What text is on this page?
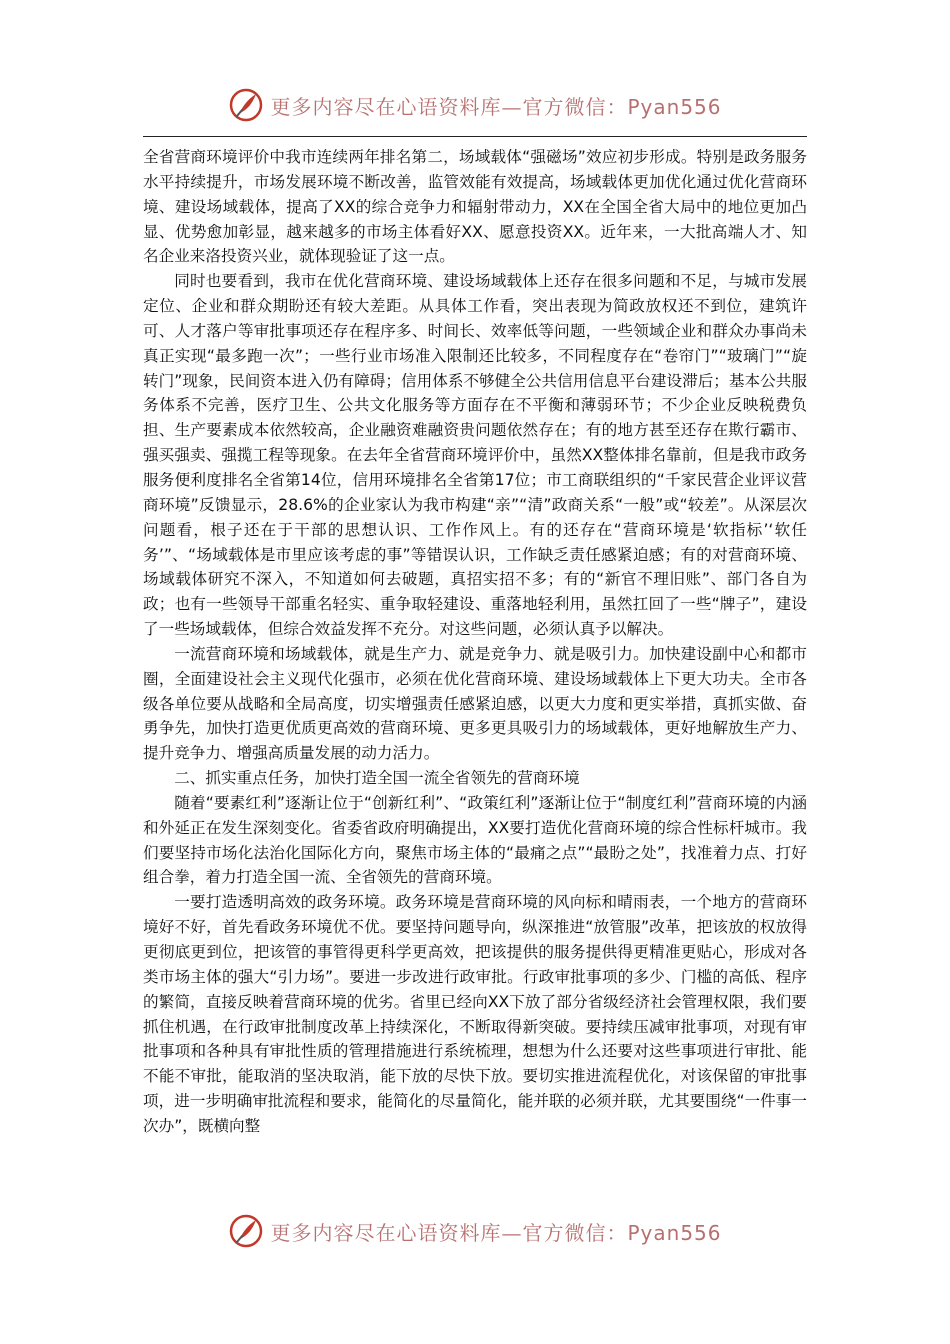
更多内容尽在心语资料库—官方微信：Pyan556

全省营商环境评价中我市连续两年排名第二，场域载体“强磁场”效应初步形成。特别是政务服务水平持续提升，市场发展环境不断改善，监管效能有效提高，场域载体更加优化通过优化营商环境、建设场域载体，提高了XX的综合竞争力和辐射带动力，XX在全国全省大局中的地位更加凸显、优势愈加彰显，越来越多的市场主体看好XX、愿意投资XX。近年来，一大批高端人才、知名企业来洛投资兴业，就体现验证了这一点。

同时也要看到，我市在优化营商环境、建设场域载体上还存在很多问题和不足，与城市发展定位、企业和群众期盼还有较大差距。从具体工作看，突出表现为简政放权还不到位，建筑许可、人才落户等审批事项还存在程序多、时间长、效率低等问题，一些领域企业和群众办事尚未真正实现“最多跑一次”；一些行业市场准入限制还比较多，不同程度存在“卷帘门”“玻璃门”“旋转门”现象，民间资本进入仍有障碍；信用体系不够健全公共信用信息平台建设滞后；基本公共服务体系不完善，医疗卫生、公共文化服务等方面存在不平衡和薄弱环节；不少企业反映税费负担、生产要素成本依然较高，企业融资难融资贵问题依然存在；有的地方甚至还存在欺行霸市、强买强卖、强揽工程等现象。在去年全省营商环境评价中，虽然XX整体排名靠前，但是我市政务服务便利度排名全省第14位，信用环境排名全省第17位；市工商联组织的“千家民营企业评议营商环境”反馈显示，28.6%的企业家认为我市构建“亲”“清”政商关系“一般”或“较差”。从深层次问题看，根子还在于干部的思想认识、工作作风上。有的还存在“营商环境是‘软指标’‘软任务’”、“场域载体是市里应该考虑的事”等错误认识，工作缺乏责任感紧迫感；有的对营商环境、场域载体研究不深入，不知道如何去破题，真招实招不多；有的“新官不理旧账”、部门各自为政；也有一些领导干部重名轻实、重争取轻建设、重落地轻利用，虽然扛回了一些“牌子”，建设了一些场域载体，但综合效益发挥不充分。对这些问题，必须认真予以解决。

一流营商环境和场域载体，就是生产力、就是竞争力、就是吸引力。加快建设副中心和都市圈，全面建设社会主义现代化强市，必须在优化营商环境、建设场域载体上下更大功夫。全市各级各单位要从战略和全局高度，切实增强责任感紧迫感，以更大力度和更实举措，真抓实做、奋勇争先，加快打造更优质更高效的营商环境、更多更具吸引力的场域载体，更好地解放生产力、提升竞争力、增强高质量发展的动力活力。

二、抓实重点任务，加快打造全国一流全省领先的营商环境

随着“要素红利”逐渐让位于“创新红利”、“政策红利”逐渐让位于“制度红利”营商环境的内涵和外延正在发生深刻变化。省委省政府明确提出，XX要打造优化营商环境的综合性标杆城市。我们要坚持市场化法治化国际化方向，聚焦市场主体的“最痛之点”“最盼之处”，找准着力点、打好组合拳，着力打造全国一流、全省领先的营商环境。

一要打造透明高效的政务环境。政务环境是营商环境的风向标和晴雨表，一个地方的营商环境好不好，首先看政务环境优不优。要坚持问题导向，纵深推进“放管服”改革，把该放的权放得更彻底更到位，把该管的事管得更科学更高效，把该提供的服务提供得更精准更贴心，形成对各类市场主体的强大“引力场”。要进一步改进行政审批。行政审批事项的多少、门槛的高低、程序的繁简，直接反映着营商环境的优劣。省里已经向XX下放了部分省级经济社会管理权限，我们要抓住机遇，在行政审批制度改革上持续深化，不断取得新突破。要持续压减审批事项，对现有审批事项和各种具有审批性质的管理措施进行系统梳理，想想为什么还要对这些事项进行审批、能不能不审批，能取消的坚决取消，能下放的尽快下放。要切实推进流程优化，对该保留的审批事项，进一步明确审批流程和要求，能简化的尽量简化，能并联的必须并联，尤其要围绕“一件事一次办”，既横向整

更多内容尽在心语资料库—官方微信：Pyan556
